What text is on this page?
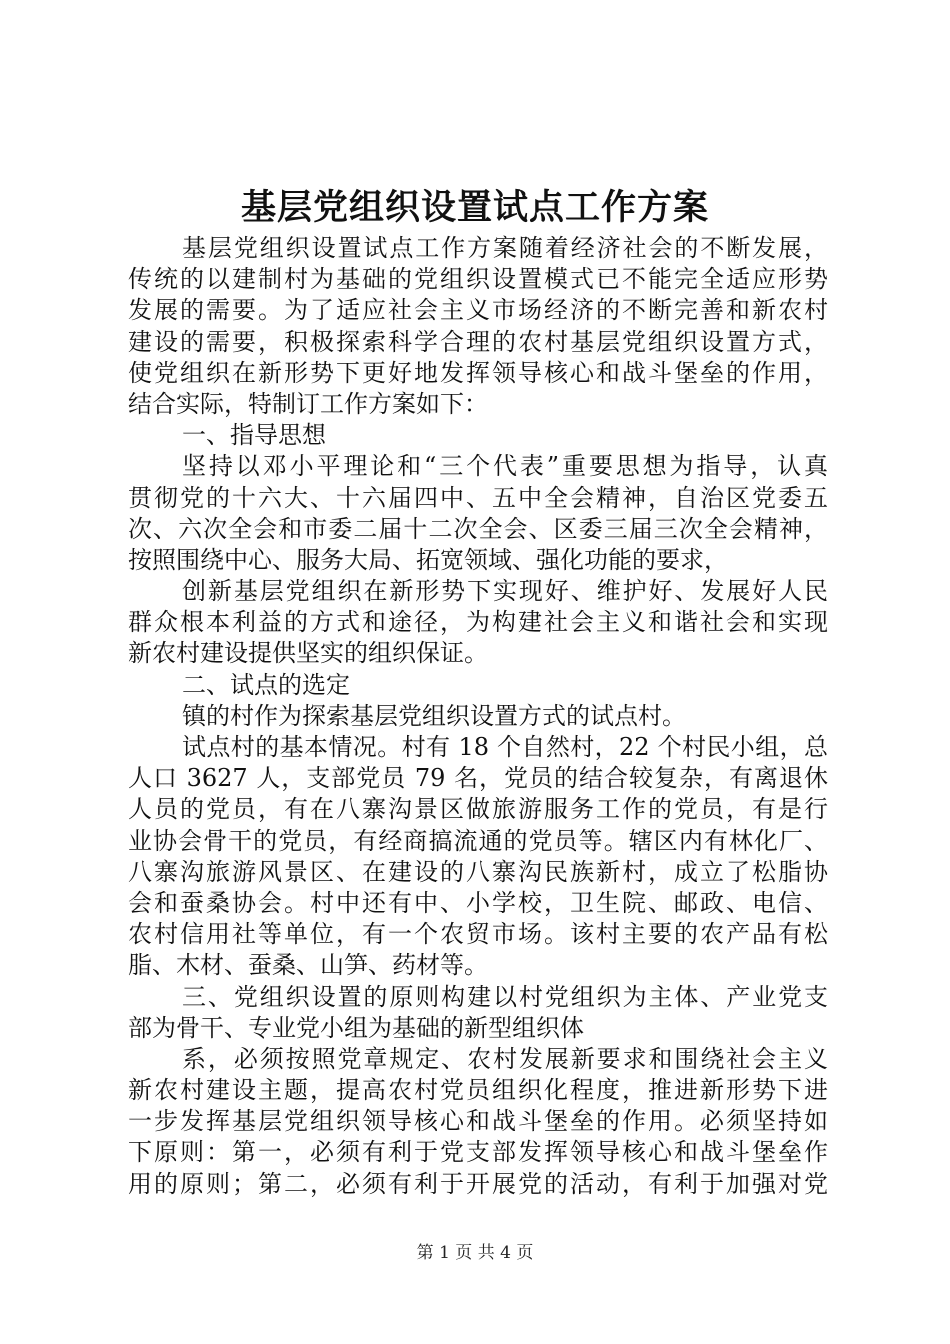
基层党组织设置试点工作方案
基层党组织设置试点工作方案随着经济社会的不断发展，
传统的以建制村为基础的党组织设置模式已不能完全适应形势
发展的需要。为了适应社会主义市场经济的不断完善和新农村
建设的需要，积极探索科学合理的农村基层党组织设置方式，
使党组织在新形势下更好地发挥领导核心和战斗堡垒的作用，
结合实际，特制订工作方案如下：
一、指导思想
坚持以邓小平理论和“三个代表”重要思想为指导，认真
贯彻党的十六大、十六届四中、五中全会精神，自治区党委五
次、六次全会和市委二届十二次全会、区委三届三次全会精神，
按照围绕中心、服务大局、拓宽领域、强化功能的要求，
创新基层党组织在新形势下实现好、维护好、发展好人民
群众根本利益的方式和途径，为构建社会主义和谐社会和实现
新农村建设提供坚实的组织保证。
二、试点的选定
镇的村作为探索基层党组织设置方式的试点村。
试点村的基本情况。村有 18 个自然村，22 个村民小组，总
人口 3627 人，支部党员 79 名，党员的结合较复杂，有离退休
人员的党员，有在八寨沟景区做旅游服务工作的党员，有是行
业协会骨干的党员，有经商搞流通的党员等。辖区内有林化厂、
八寨沟旅游风景区、在建设的八寨沟民族新村，成立了松脂协
会和蚕桑协会。村中还有中、小学校，卫生院、邮政、电信、
农村信用社等单位，有一个农贸市场。该村主要的农产品有松
脂、木材、蚕桑、山笋、药材等。
三、党组织设置的原则构建以村党组织为主体、产业党支
部为骨干、专业党小组为基础的新型组织体
系，必须按照党章规定、农村发展新要求和围绕社会主义
新农村建设主题，提高农村党员组织化程度，推进新形势下进
一步发挥基层党组织领导核心和战斗堡垒的作用。必须坚持如
下原则：第一，必须有利于党支部发挥领导核心和战斗堡垒作
用的原则；第二，必须有利于开展党的活动，有利于加强对党
第 1 页 共 4 页
